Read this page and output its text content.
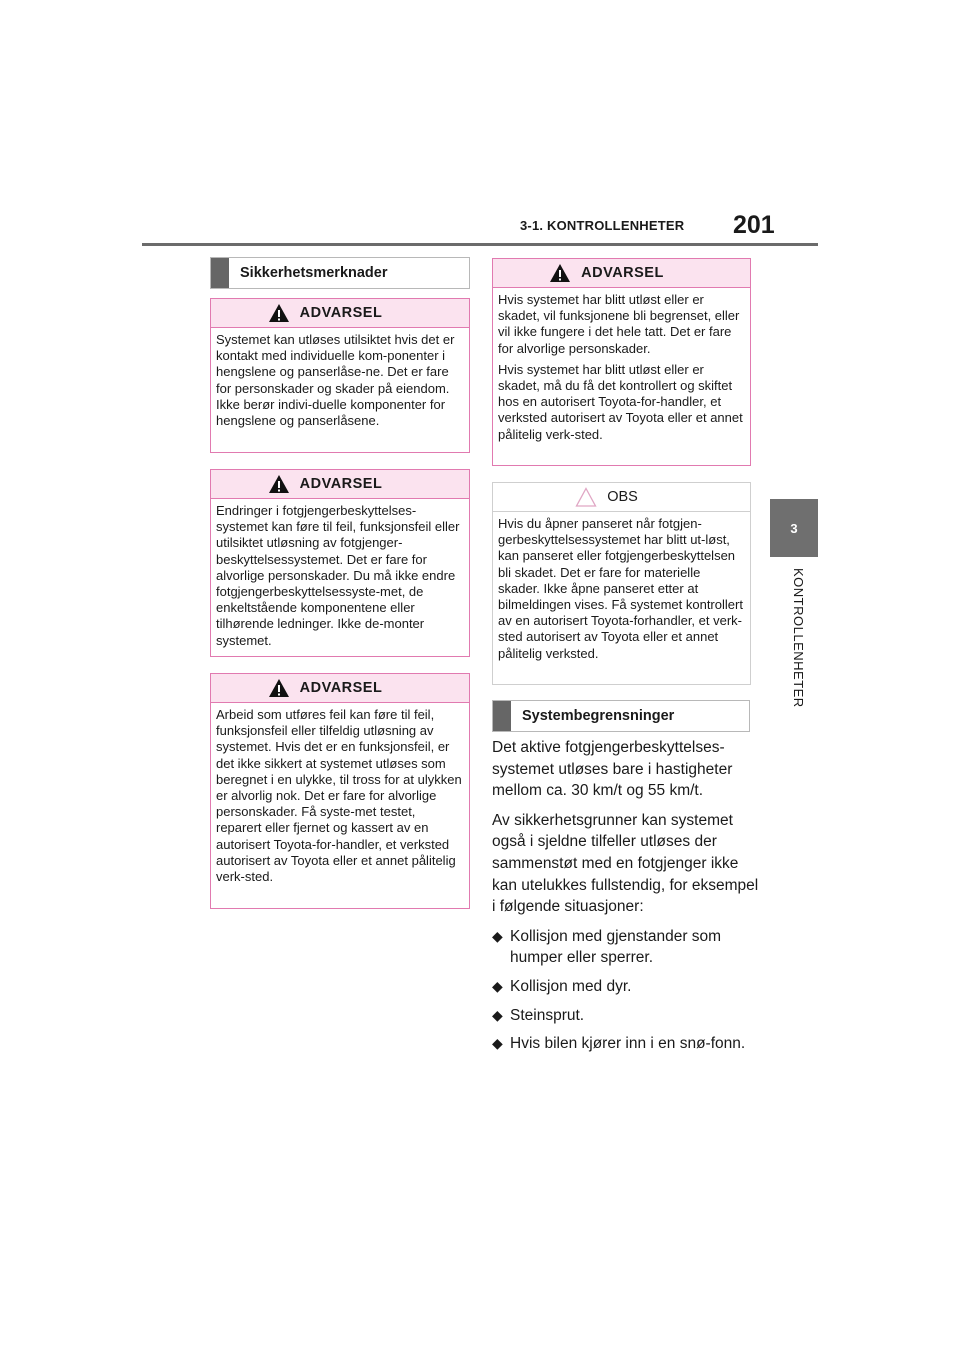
3-1. KONTROLLENHETER	201
3
KONTROLLENHETER
Sikkerhetsmerknader
ADVARSEL

Systemet kan utløses utilsiktet hvis det er kontakt med individuelle kom-ponenter i hengslene og panserlåse-ne. Det er fare for personskader og skader på eiendom. Ikke berør indivi-duelle komponenter for hengslene og panserlåsene.

ADVARSEL

Endringer i fotgjengerbeskyttelses-systemet kan føre til feil, funksjonsfeil eller utilsiktet utløsning av fotgjenger-beskyttelsessystemet. Det er fare for alvorlige personskader. Du må ikke endre fotgjengerbeskyttelsessyste-met, de enkeltstående komponentene eller tilhørende ledninger. Ikke de-monter systemet.

ADVARSEL

Arbeid som utføres feil kan føre til feil, funksjonsfeil eller tilfeldig utløsning av systemet. Hvis det er en funksjonsfeil, er det ikke sikkert at systemet utløses som beregnet i en ulykke, til tross for at ulykken er alvorlig nok. Det er fare for alvorlige personskader. Få syste-met testet, reparert eller fjernet og kassert av en autorisert Toyota-for-handler, et verksted autorisert av Toyota eller et annet pålitelig verk-sted.

ADVARSEL

Hvis systemet har blitt utløst eller er skadet, vil funksjonene bli begrenset, eller vil ikke fungere i det hele tatt. Det er fare for alvorlige personskader.

Hvis systemet har blitt utløst eller er skadet, må du få det kontrollert og skiftet hos en autorisert Toyota-for-handler, et verksted autorisert av Toyota eller et annet pålitelig verk-sted.

OBS

Hvis du åpner panseret når fotgjen-gerbeskyttelsessystemet har blitt ut-løst, kan panseret eller fotgjengerbeskyttelsen bli skadet. Det er fare for materielle skader. Ikke åpne panseret etter at bilmeldingen vises. Få systemet kontrollert av en autorisert Toyota-forhandler, et verk-sted autorisert av Toyota eller et annet pålitelig verksted.

Systembegrensninger

Det aktive fotgjengerbeskyttelses-systemet utløses bare i hastigheter mellom ca. 30 km/t og 55 km/t.

Av sikkerhetsgrunner kan systemet også i sjeldne tilfeller utløses der sammenstøt med en fotgjenger ikke kan utelukkes fullstendig, for eksempel i følgende situasjoner:

◆ Kollisjon med gjenstander som humper eller sperrer.
◆ Kollisjon med dyr.
◆ Steinsprut.
◆ Hvis bilen kjører inn i en snø-fonn.
